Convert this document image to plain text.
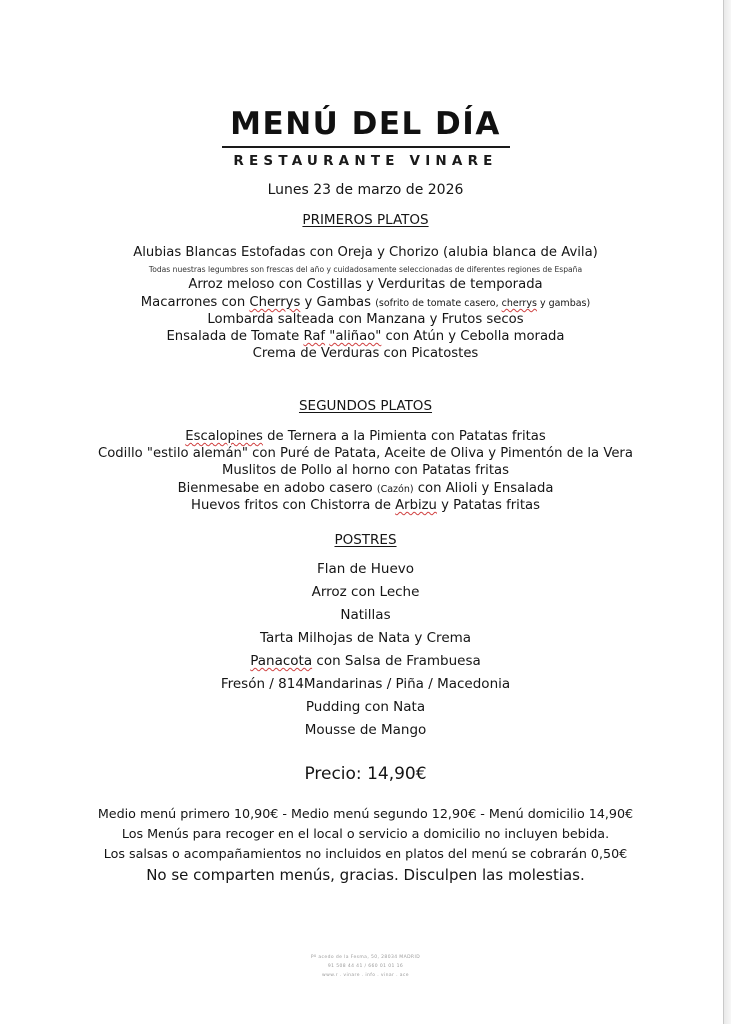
MENÚ DEL DÍA
RESTAURANTE VINARE
Lunes 23 de marzo de 2026
PRIMEROS PLATOS
Alubias Blancas Estofadas con Oreja y Chorizo (alubia blanca de Avila)
Todas nuestras legumbres son frescas del año y cuidadosamente seleccionadas de diferentes regiones de España
Arroz meloso con Costillas y Verduritas de temporada
Macarrones con Cherrys y Gambas (sofrito de tomate casero, cherrys y gambas)
Lombarda salteada con Manzana y Frutos secos
Ensalada de Tomate Raf "aliñao" con Atún y Cebolla morada
Crema de Verduras con Picatostes
SEGUNDOS PLATOS
Escalopines de Ternera a la Pimienta con Patatas fritas
Codillo "estilo alemán" con Puré de Patata, Aceite de Oliva y Pimentón de la Vera
Muslitos de Pollo al horno con Patatas fritas
Bienmesabe en adobo casero (Cazón) con Alioli y Ensalada
Huevos fritos con Chistorra de Arbizu y Patatas fritas
POSTRES
Flan de Huevo
Arroz con Leche
Natillas
Tarta Milhojas de Nata y Crema
Panacota con Salsa de Frambuesa
Fresón / 814Mandarinas / Piña / Macedonia
Pudding con Nata
Mousse de Mango
Precio: 14,90€
Medio menú primero 10,90€ - Medio menú segundo 12,90€ - Menú domicilio 14,90€
Los Menús para recoger en el local o servicio a domicilio no incluyen bebida.
Los salsas o acompañamientos no incluidos en platos del menú se cobrarán 0,50€
No se comparten menús, gracias. Disculpen las molestias.
Pº acedo de la Fesma, 50, 28034 MADRID
91 508 44 41 / 660 01 01 16
www.r . vinare . info . vinar . ace
